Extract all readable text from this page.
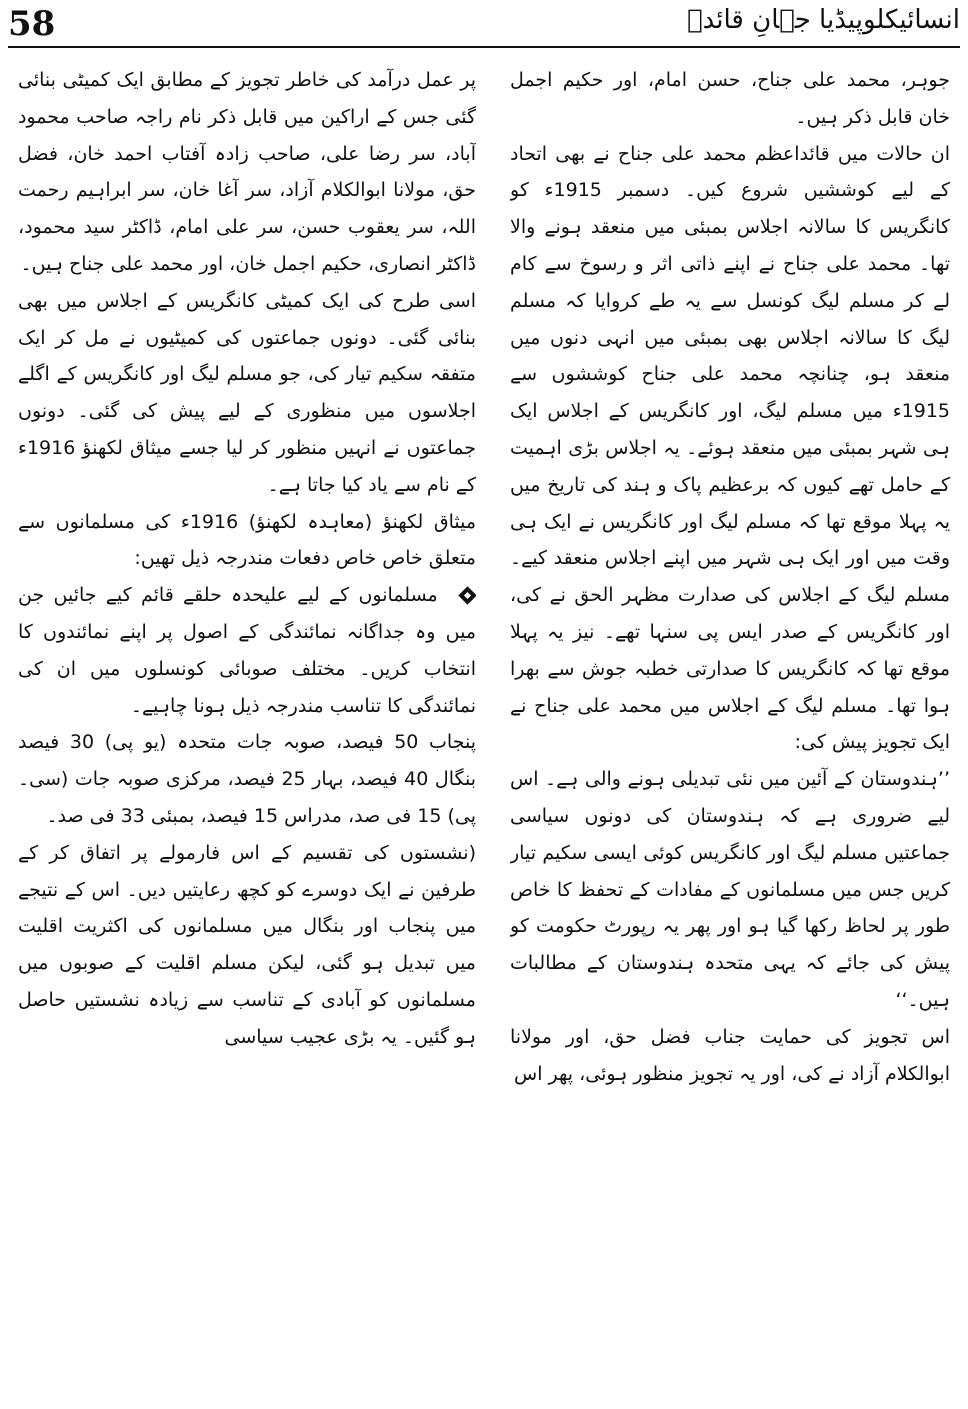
58	انسائیکلوپیڈیا جہانِ قائدؒ

جوہر، محمد علی جناح، حسن امام، اور حکیم اجمل خان قابل ذکر ہیں۔

ان حالات میں قائداعظم محمد علی جناح نے بھی اتحاد کے لیے کوششیں شروع کیں۔ دسمبر 1915ء کو کانگریس کا سالانہ اجلاس بمبئی میں منعقد ہونے والا تھا۔ محمد علی جناح نے اپنے ذاتی اثر و رسوخ سے کام لے کر مسلم لیگ کونسل سے یہ طے کروایا کہ مسلم لیگ کا سالانہ اجلاس بھی بمبئی میں انہی دنوں میں منعقد ہو، چنانچہ محمد علی جناح کوششوں سے 1915ء میں مسلم لیگ، اور کانگریس کے اجلاس ایک ہی شہر بمبئی میں منعقد ہوئے۔ یہ اجلاس بڑی اہمیت کے حامل تھے کیوں کہ برعظیم پاک و ہند کی تاریخ میں یہ پہلا موقع تھا کہ مسلم لیگ اور کانگریس نے ایک ہی وقت میں اور ایک ہی شہر میں اپنے اجلاس منعقد کیے۔ مسلم لیگ کے اجلاس کی صدارت مظہر الحق نے کی، اور کانگریس کے صدر ایس پی سنہا تھے۔ نیز یہ پہلا موقع تھا کہ کانگریس کا صدارتی خطبہ جوش سے بھرا ہوا تھا۔ مسلم لیگ کے اجلاس میں محمد علی جناح نے ایک تجویز پیش کی:

’’ہندوستان کے آئین میں نئی تبدیلی ہونے والی ہے۔ اس لیے ضروری ہے کہ ہندوستان کی دونوں سیاسی جماعتیں مسلم لیگ اور کانگریس کوئی ایسی سکیم تیار کریں جس میں مسلمانوں کے مفادات کے تحفظ کا خاص طور پر لحاظ رکھا گیا ہو اور پھر یہ رپورٹ حکومت کو پیش کی جائے کہ یہی متحدہ ہندوستان کے مطالبات ہیں۔‘‘

اس تجویز کی حمایت جناب فضل حق، اور مولانا ابوالکلام آزاد نے کی، اور یہ تجویز منظور ہوئی، پھر اس

پر عمل درآمد کی خاطر تجویز کے مطابق ایک کمیٹی بنائی گئی جس کے اراکین میں قابل ذکر نام راجہ صاحب محمود آباد، سر رضا علی، صاحب زادہ آفتاب احمد خان، فضل حق، مولانا ابوالکلام آزاد، سر آغا خان، سر ابراہیم رحمت اللہ، سر یعقوب حسن، سر علی امام، ڈاکٹر سید محمود، ڈاکٹر انصاری، حکیم اجمل خان، اور محمد علی جناح ہیں۔

اسی طرح کی ایک کمیٹی کانگریس کے اجلاس میں بھی بنائی گئی۔ دونوں جماعتوں کی کمیٹیوں نے مل کر ایک متفقہ سکیم تیار کی، جو مسلم لیگ اور کانگریس کے اگلے اجلاسوں میں منظوری کے لیے پیش کی گئی۔ دونوں جماعتوں نے انہیں منظور کر لیا جسے میثاق لکھنؤ 1916ء کے نام سے یاد کیا جاتا ہے۔

میثاق لکھنؤ (معاہدہ لکھنؤ) 1916ء کی مسلمانوں سے متعلق خاص خاص دفعات مندرجہ ذیل تھیں:

مسلمانوں کے لیے علیحدہ حلقے قائم کیے جائیں جن میں وہ جداگانہ نمائندگی کے اصول پر اپنے نمائندوں کا انتخاب کریں۔ مختلف صوبائی کونسلوں میں ان کی نمائندگی کا تناسب مندرجہ ذیل ہونا چاہیے۔

پنجاب 50 فیصد، صوبہ جات متحدہ (یو پی) 30 فیصد بنگال 40 فیصد، بہار 25 فیصد، مرکزی صوبہ جات (سی۔ پی) 15 فی صد، مدراس 15 فیصد، بمبئی 33 فی صد۔

(نشستوں کی تقسیم کے اس فارمولے پر اتفاق کر کے طرفین نے ایک دوسرے کو کچھ رعایتیں دیں۔ اس کے نتیجے میں پنجاب اور بنگال میں مسلمانوں کی اکثریت اقلیت میں تبدیل ہو گئی، لیکن مسلم اقلیت کے صوبوں میں مسلمانوں کو آبادی کے تناسب سے زیادہ نشستیں حاصل ہو گئیں۔ یہ بڑی عجیب سیاسی
